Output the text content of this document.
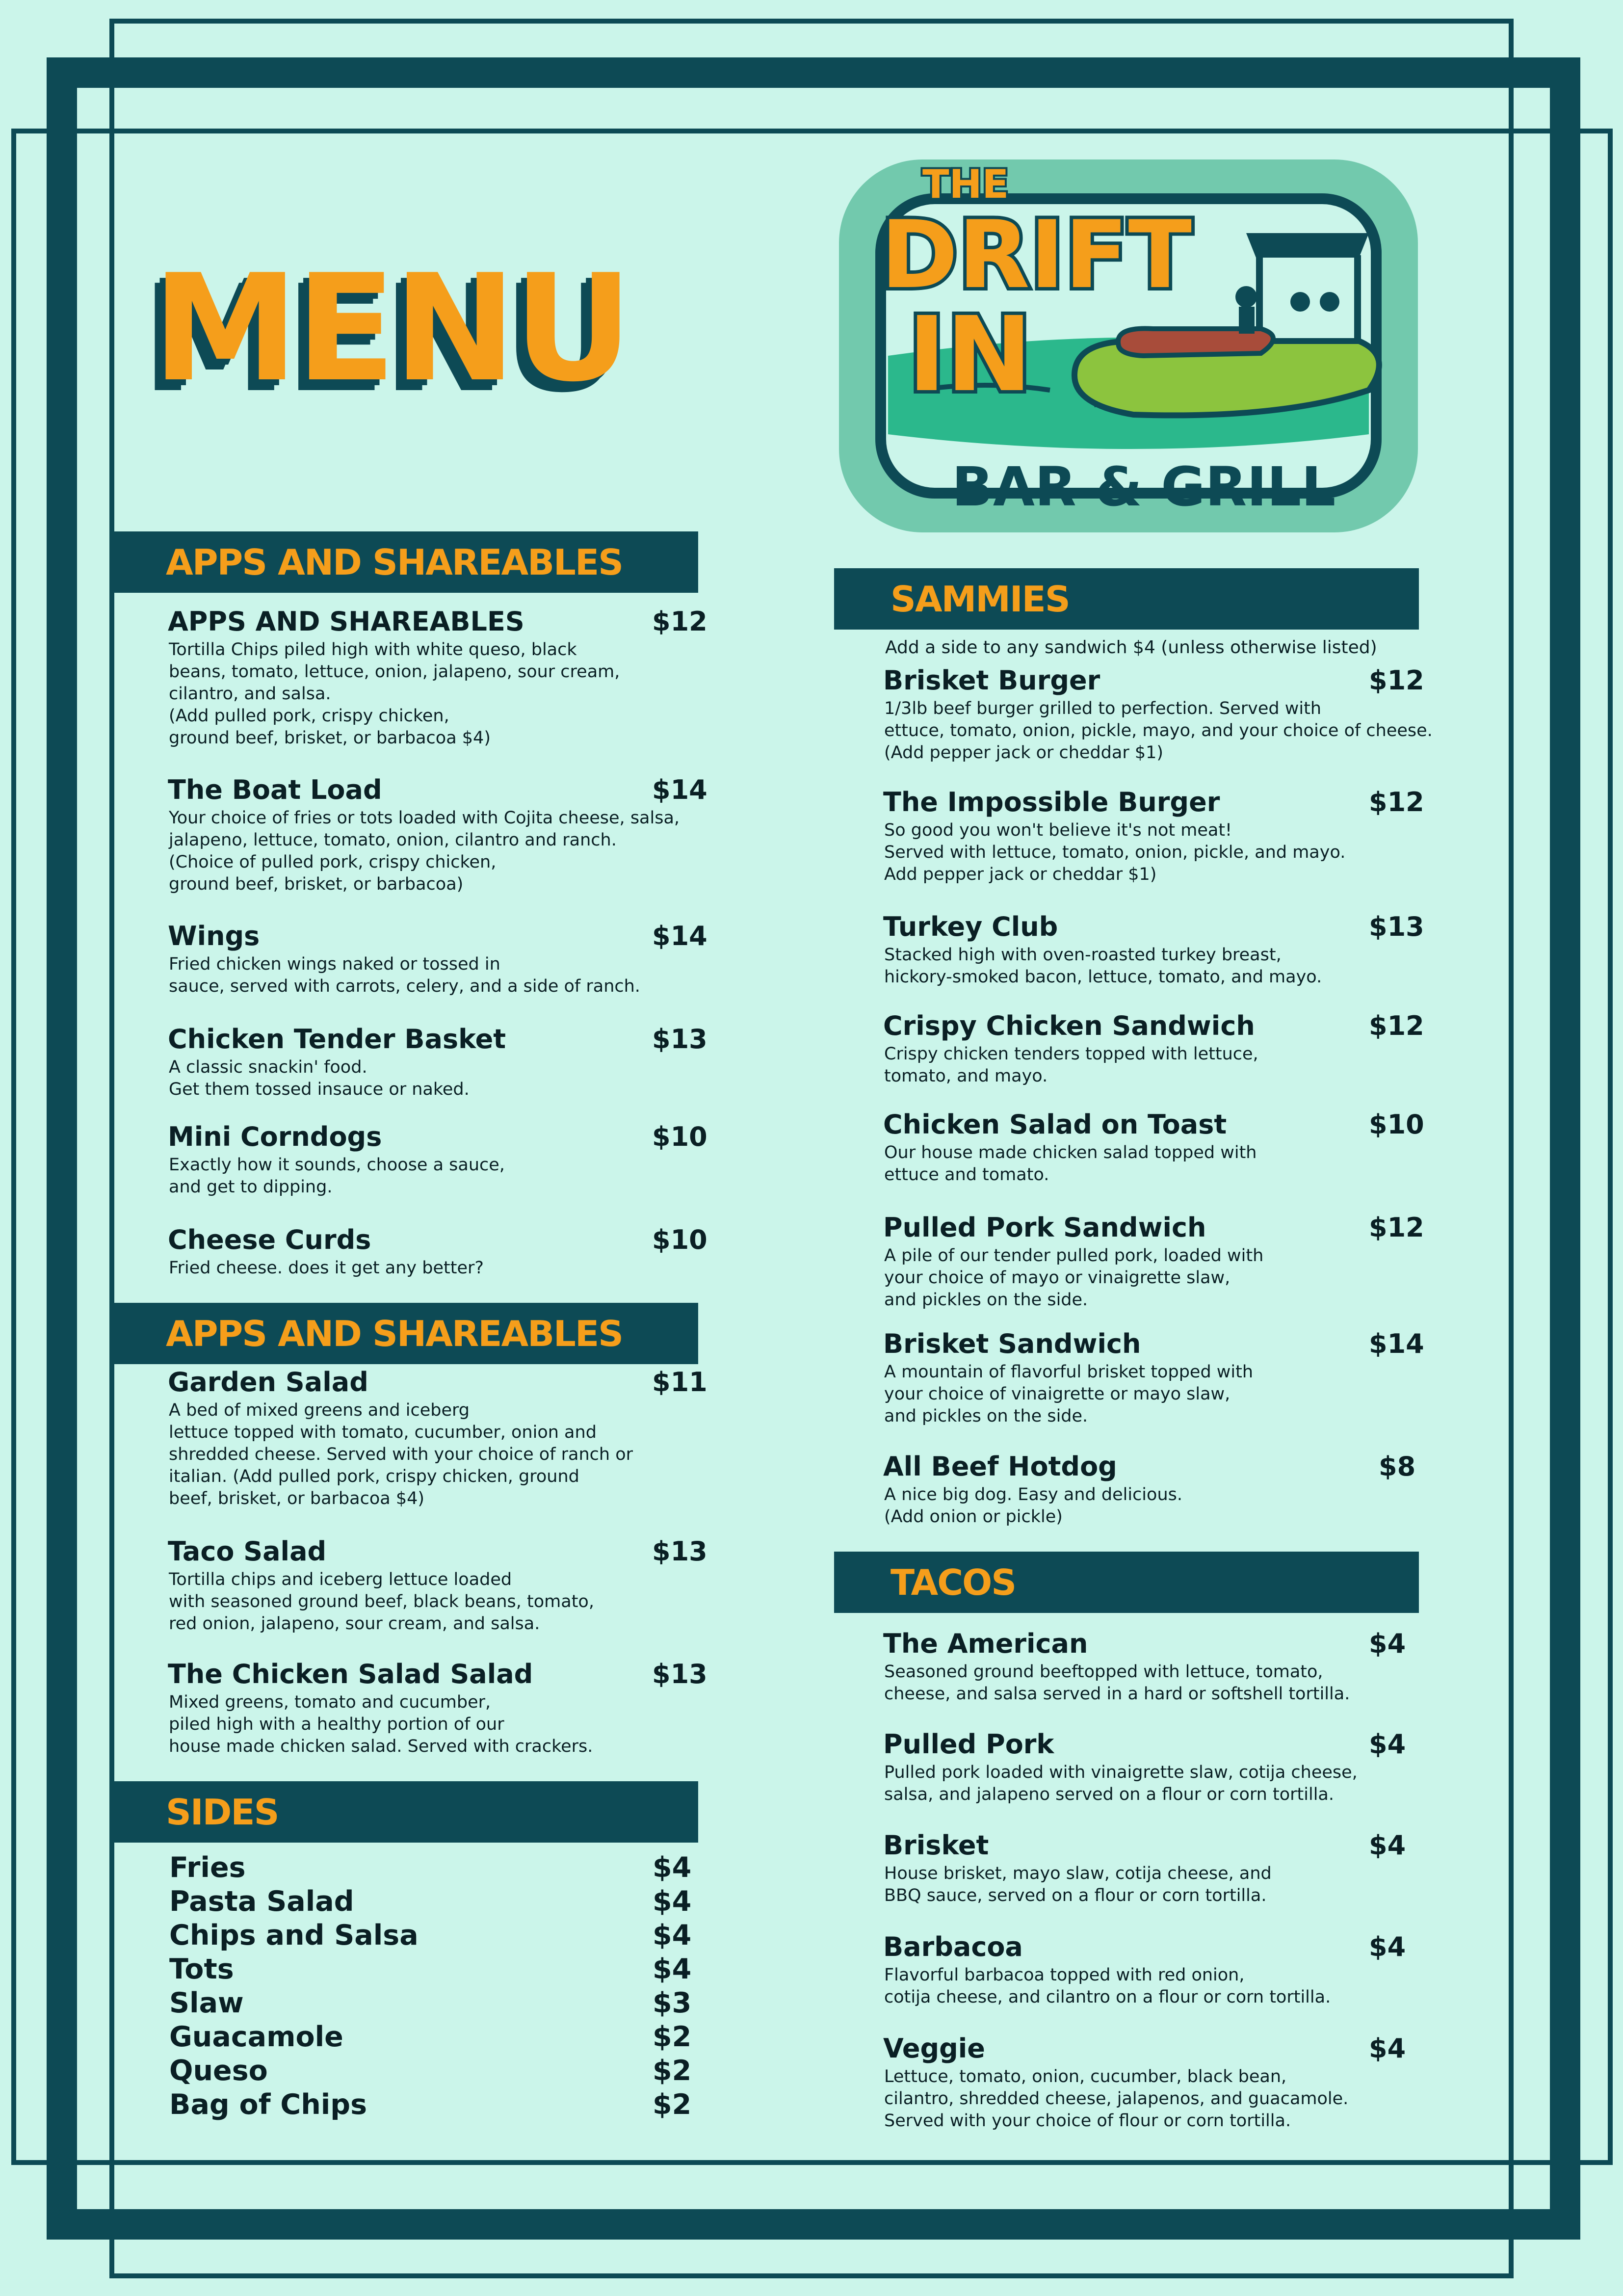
MENU
THE
DRIFT
IN
BAR & GRILL
APPS AND SHAREABLES
APPS AND SHAREABLES	$12
Tortilla Chips piled high with white queso, black
beans, tomato, lettuce, onion, jalapeno, sour cream,
cilantro, and salsa.
(Add pulled pork, crispy chicken,
ground beef, brisket, or barbacoa $4)
The Boat Load	$14
Your choice of fries or tots loaded with Cojita cheese, salsa,
jalapeno, lettuce, tomato, onion, cilantro and ranch.
(Choice of pulled pork, crispy chicken,
ground beef, brisket, or barbacoa)
Wings	$14
Fried chicken wings naked or tossed in
sauce, served with carrots, celery, and a side of ranch.
Chicken Tender Basket	$13
A classic snackin' food.
Get them tossed insauce or naked.
Mini Corndogs	$10
Exactly how it sounds, choose a sauce,
and get to dipping.
Cheese Curds	$10
Fried cheese. does it get any better?
APPS AND SHAREABLES
Garden Salad	$11
A bed of mixed greens and iceberg
lettuce topped with tomato, cucumber, onion and
shredded cheese. Served with your choice of ranch or
italian. (Add pulled pork, crispy chicken, ground
beef, brisket, or barbacoa $4)
Taco Salad	$13
Tortilla chips and iceberg lettuce loaded
with seasoned ground beef, black beans, tomato,
red onion, jalapeno, sour cream, and salsa.
The Chicken Salad Salad	$13
Mixed greens, tomato and cucumber,
piled high with a healthy portion of our
house made chicken salad. Served with crackers.
SIDES
Fries	$4
Pasta Salad	$4
Chips and Salsa	$4
Tots	$4
Slaw	$3
Guacamole	$2
Queso	$2
Bag of Chips	$2
SAMMIES
Add a side to any sandwich $4 (unless otherwise listed)
Brisket Burger	$12
1/3lb beef burger grilled to perfection. Served with
ettuce, tomato, onion, pickle, mayo, and your choice of cheese.
(Add pepper jack or cheddar $1)
The Impossible Burger	$12
So good you won't believe it's not meat!
Served with lettuce, tomato, onion, pickle, and mayo.
Add pepper jack or cheddar $1)
Turkey Club	$13
Stacked high with oven-roasted turkey breast,
hickory-smoked bacon, lettuce, tomato, and mayo.
Crispy Chicken Sandwich	$12
Crispy chicken tenders topped with lettuce,
tomato, and mayo.
Chicken Salad on Toast	$10
Our house made chicken salad topped with
ettuce and tomato.
Pulled Pork Sandwich	$12
A pile of our tender pulled pork, loaded with
your choice of mayo or vinaigrette slaw,
and pickles on the side.
Brisket Sandwich	$14
A mountain of flavorful brisket topped with
your choice of vinaigrette or mayo slaw,
and pickles on the side.
All Beef Hotdog	$8
A nice big dog. Easy and delicious.
(Add onion or pickle)
TACOS
The American	$4
Seasoned ground beeftopped with lettuce, tomato,
cheese, and salsa served in a hard or softshell tortilla.
Pulled Pork	$4
Pulled pork loaded with vinaigrette slaw, cotija cheese,
salsa, and jalapeno served on a flour or corn tortilla.
Brisket	$4
House brisket, mayo slaw, cotija cheese, and
BBQ sauce, served on a flour or corn tortilla.
Barbacoa	$4
Flavorful barbacoa topped with red onion,
cotija cheese, and cilantro on a flour or corn tortilla.
Veggie	$4
Lettuce, tomato, onion, cucumber, black bean,
cilantro, shredded cheese, jalapenos, and guacamole.
Served with your choice of flour or corn tortilla.
